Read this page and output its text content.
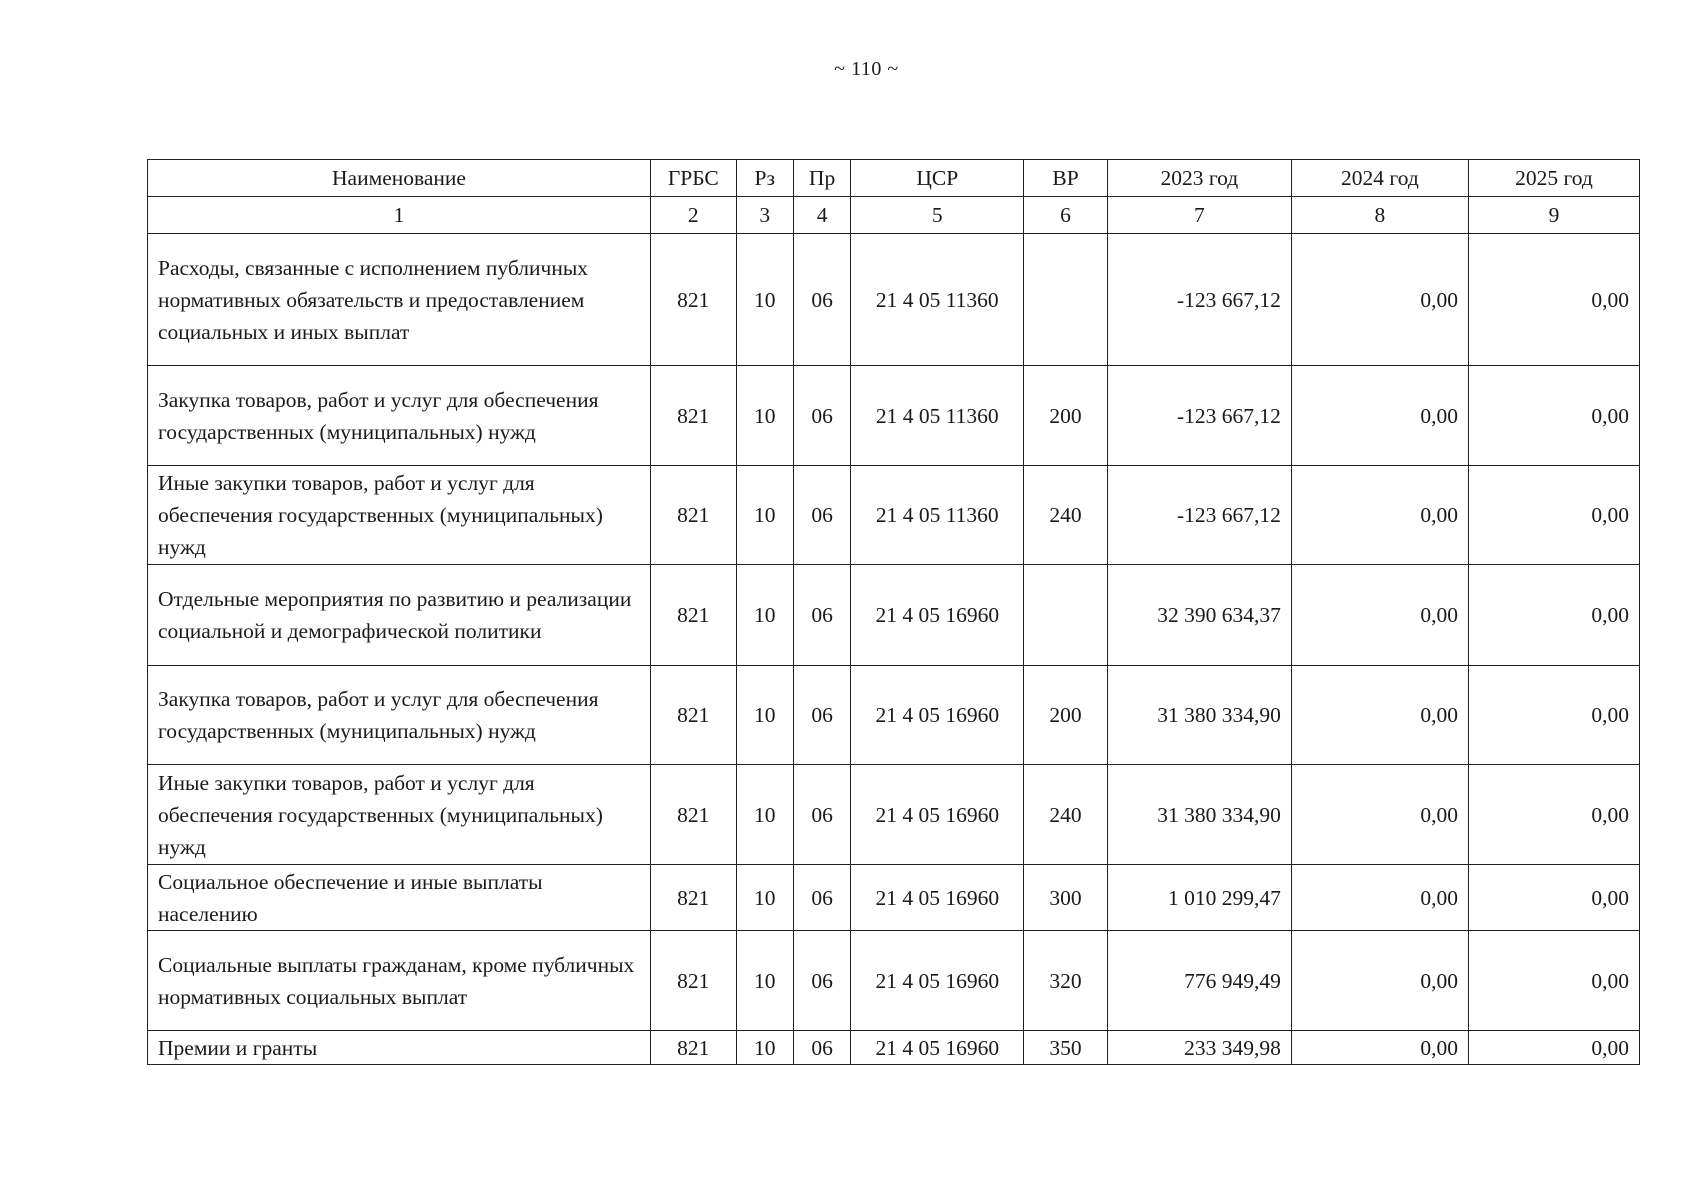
~ 110 ~
Наименование	ГРБС	Рз	Пр	ЦСР	ВР	2023 год	2024 год	2025 год
1	2	3	4	5	6	7	8	9
Расходы, связанные с исполнением публичных нормативных обязательств и предоставлением социальных и иных выплат	821	10	06	21 4 05 11360		-123 667,12	0,00	0,00
Закупка товаров, работ и услуг для обеспечения государственных (муниципальных) нужд	821	10	06	21 4 05 11360	200	-123 667,12	0,00	0,00
Иные закупки товаров, работ и услуг для обеспечения государственных (муниципальных) нужд	821	10	06	21 4 05 11360	240	-123 667,12	0,00	0,00
Отдельные мероприятия по развитию и реализации социальной и демографической политики	821	10	06	21 4 05 16960		32 390 634,37	0,00	0,00
Закупка товаров, работ и услуг для обеспечения государственных (муниципальных) нужд	821	10	06	21 4 05 16960	200	31 380 334,90	0,00	0,00
Иные закупки товаров, работ и услуг для обеспечения государственных (муниципальных) нужд	821	10	06	21 4 05 16960	240	31 380 334,90	0,00	0,00
Социальное обеспечение и иные выплаты населению	821	10	06	21 4 05 16960	300	1 010 299,47	0,00	0,00
Социальные выплаты гражданам, кроме публичных нормативных социальных выплат	821	10	06	21 4 05 16960	320	776 949,49	0,00	0,00
Премии и гранты	821	10	06	21 4 05 16960	350	233 349,98	0,00	0,00
